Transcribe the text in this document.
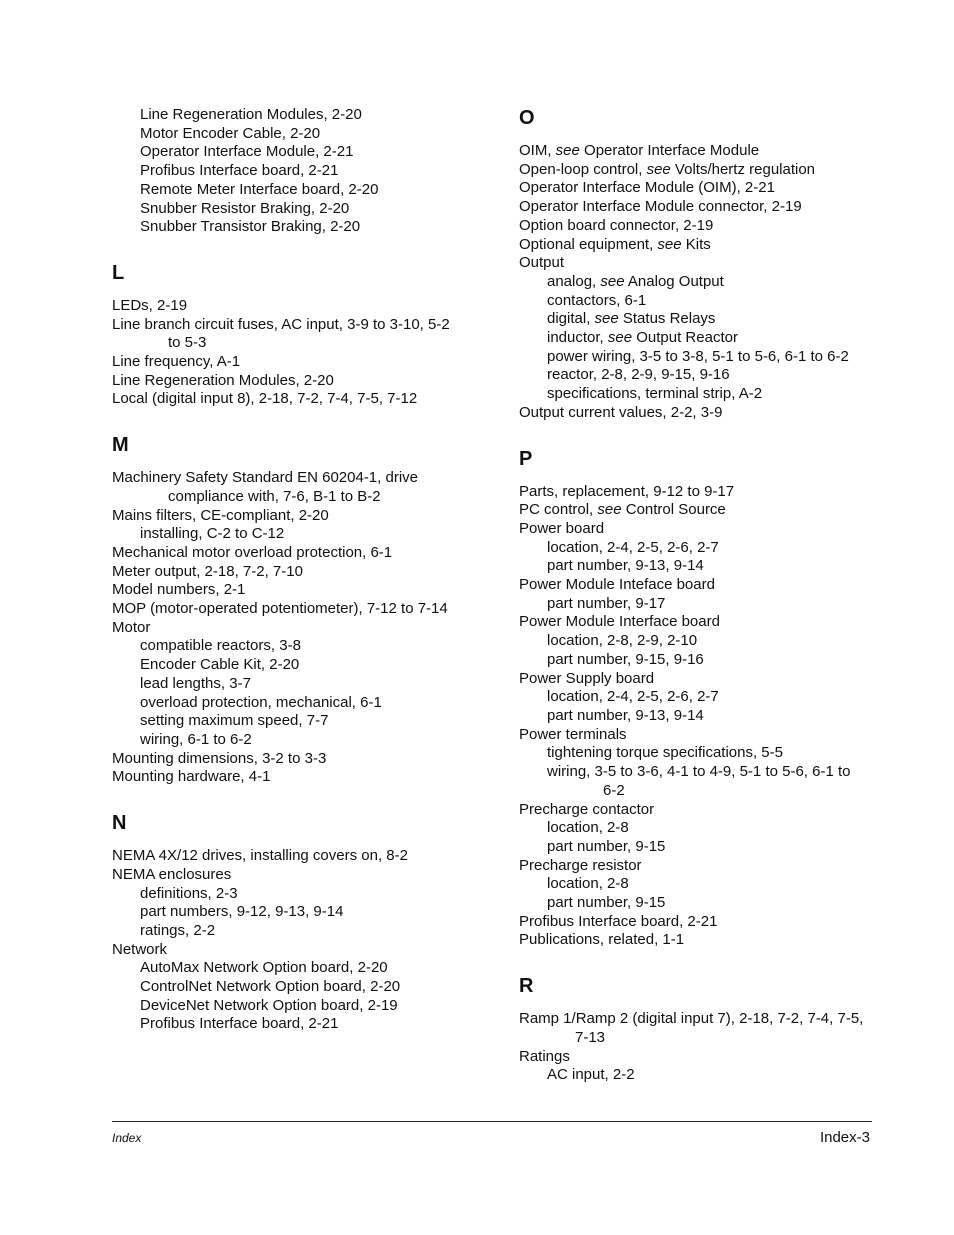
Line Regeneration Modules, 2-20
Motor Encoder Cable, 2-20
Operator Interface Module, 2-21
Profibus Interface board, 2-21
Remote Meter Interface board, 2-20
Snubber Resistor Braking, 2-20
Snubber Transistor Braking, 2-20
L
LEDs, 2-19
Line branch circuit fuses, AC input, 3-9 to 3-10, 5-2
to 5-3
Line frequency, A-1
Line Regeneration Modules, 2-20
Local (digital input 8), 2-18, 7-2, 7-4, 7-5, 7-12
M
Machinery Safety Standard EN 60204-1, drive
compliance with, 7-6, B-1 to B-2
Mains filters, CE-compliant, 2-20
installing, C-2 to C-12
Mechanical motor overload protection, 6-1
Meter output, 2-18, 7-2, 7-10
Model numbers, 2-1
MOP (motor-operated potentiometer), 7-12 to 7-14
Motor
compatible reactors, 3-8
Encoder Cable Kit, 2-20
lead lengths, 3-7
overload protection, mechanical, 6-1
setting maximum speed, 7-7
wiring, 6-1 to 6-2
Mounting dimensions, 3-2 to 3-3
Mounting hardware, 4-1
N
NEMA 4X/12 drives, installing covers on, 8-2
NEMA enclosures
definitions, 2-3
part numbers, 9-12, 9-13, 9-14
ratings, 2-2
Network
AutoMax Network Option board, 2-20
ControlNet Network Option board, 2-20
DeviceNet Network Option board, 2-19
Profibus Interface board, 2-21
O
OIM, see Operator Interface Module
Open-loop control, see Volts/hertz regulation
Operator Interface Module (OIM), 2-21
Operator Interface Module connector, 2-19
Option board connector, 2-19
Optional equipment, see Kits
Output
analog, see Analog Output
contactors, 6-1
digital, see Status Relays
inductor, see Output Reactor
power wiring, 3-5 to 3-8, 5-1 to 5-6, 6-1 to 6-2
reactor, 2-8, 2-9, 9-15, 9-16
specifications, terminal strip, A-2
Output current values, 2-2, 3-9
P
Parts, replacement, 9-12 to 9-17
PC control, see Control Source
Power board
location, 2-4, 2-5, 2-6, 2-7
part number, 9-13, 9-14
Power Module Inteface board
part number, 9-17
Power Module Interface board
location, 2-8, 2-9, 2-10
part number, 9-15, 9-16
Power Supply board
location, 2-4, 2-5, 2-6, 2-7
part number, 9-13, 9-14
Power terminals
tightening torque specifications, 5-5
wiring, 3-5 to 3-6, 4-1 to 4-9, 5-1 to 5-6, 6-1 to
6-2
Precharge contactor
location, 2-8
part number, 9-15
Precharge resistor
location, 2-8
part number, 9-15
Profibus Interface board, 2-21
Publications, related, 1-1
R
Ramp 1/Ramp 2 (digital input 7), 2-18, 7-2, 7-4, 7-5,
7-13
Ratings
AC input, 2-2
Index	Index-3
